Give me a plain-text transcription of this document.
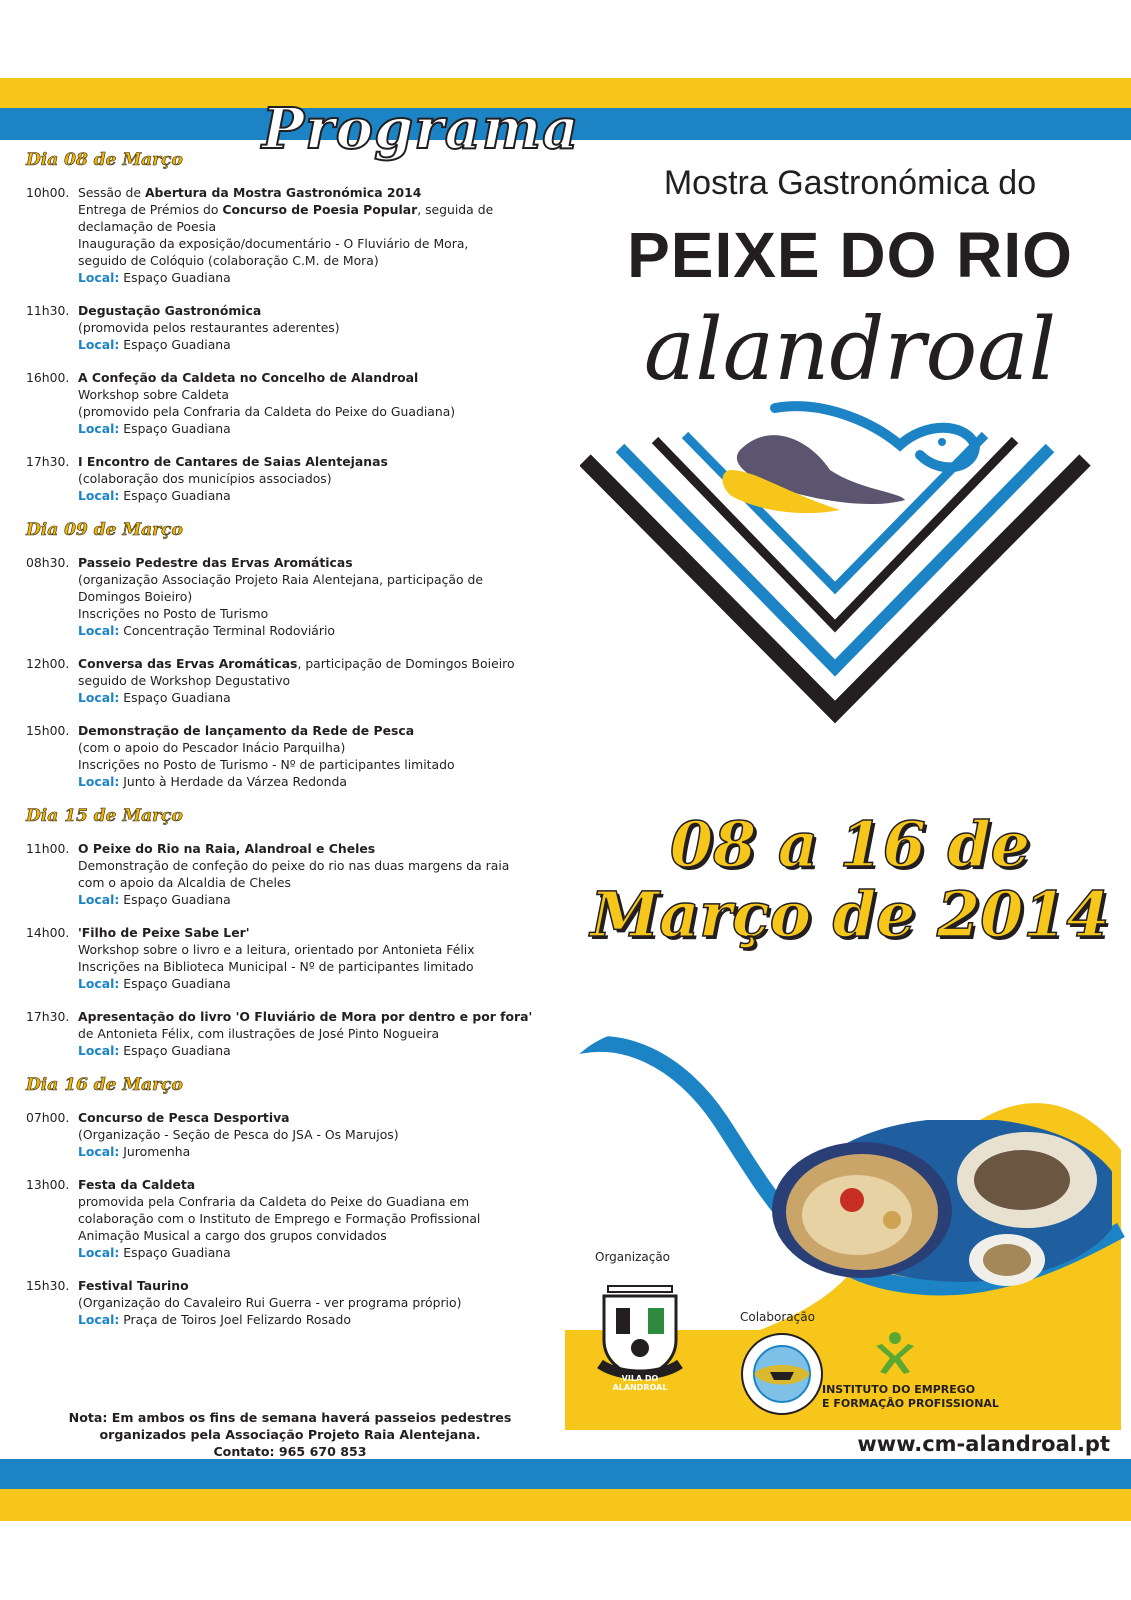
Programa
Dia 08 de Março
10h00. Sessão de Abertura da Mostra Gastronómica 2014
Entrega de Prémios do Concurso de Poesia Popular, seguida de
declamação de Poesia
Inauguração da exposição/documentário - O Fluviário de Mora,
seguido de Colóquio (colaboração C.M. de Mora)
Local: Espaço Guadiana
11h30. Degustação Gastronómica
(promovida pelos restaurantes aderentes)
Local: Espaço Guadiana
16h00. A Confeção da Caldeta no Concelho de Alandroal
Workshop sobre Caldeta
(promovido pela Confraria da Caldeta do Peixe do Guadiana)
Local: Espaço Guadiana
17h30. I Encontro de Cantares de Saias Alentejanas
(colaboração dos municípios associados)
Local: Espaço Guadiana
Dia 09 de Março
08h30. Passeio Pedestre das Ervas Aromáticas
(organização Associação Projeto Raia Alentejana, participação de
Domingos Boieiro)
Inscrições no Posto de Turismo
Local: Concentração Terminal Rodoviário
12h00. Conversa das Ervas Aromáticas, participação de Domingos Boieiro
seguido de Workshop Degustativo
Local: Espaço Guadiana
15h00. Demonstração de lançamento da Rede de Pesca
(com o apoio do Pescador Inácio Parquilha)
Inscrições no Posto de Turismo - Nº de participantes limitado
Local: Junto à Herdade da Várzea Redonda
Dia 15 de Março
11h00. O Peixe do Rio na Raia, Alandroal e Cheles
Demonstração de confeção do peixe do rio nas duas margens da raia
com o apoio da Alcaldia de Cheles
Local: Espaço Guadiana
14h00. 'Filho de Peixe Sabe Ler'
Workshop sobre o livro e a leitura, orientado por Antonieta Félix
Inscrições na Biblioteca Municipal - Nº de participantes limitado
Local: Espaço Guadiana
17h30. Apresentação do livro 'O Fluviário de Mora por dentro e por fora'
de Antonieta Félix, com ilustrações de José Pinto Nogueira
Local: Espaço Guadiana
Dia 16 de Março
07h00. Concurso de Pesca Desportiva
(Organização - Seção de Pesca do JSA - Os Marujos)
Local: Juromenha
13h00. Festa da Caldeta
promovida pela Confraria da Caldeta do Peixe do Guadiana em
colaboração com o Instituto de Emprego e Formação Profissional
Animação Musical a cargo dos grupos convidados
Local: Espaço Guadiana
15h30. Festival Taurino
(Organização do Cavaleiro Rui Guerra - ver programa próprio)
Local: Praça de Toiros Joel Felizardo Rosado
Nota: Em ambos os fins de semana haverá passeios pedestres
organizados pela Associação Projeto Raia Alentejana.
Contato: 965 670 853
Mostra Gastronómica do
PEIXE DO RIO
alandroal
08 a 16 de
Março de 2014
Organização
VILA DO ALANDROAL
Colaboração
INSTITUTO DO EMPREGO
E FORMAÇÃO PROFISSIONAL
www.cm-alandroal.pt
